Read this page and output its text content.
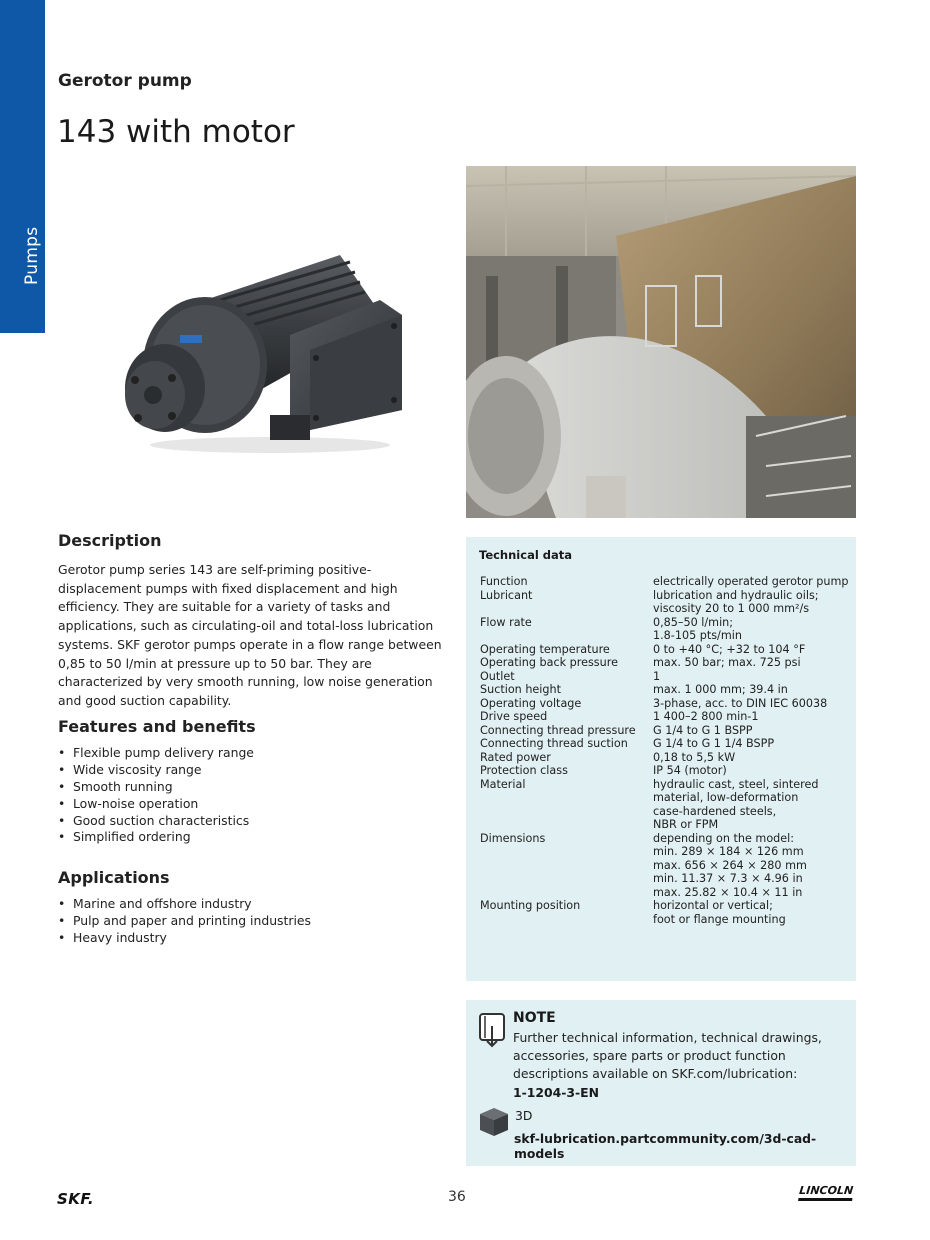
Pumps
Gerotor pump
143 with motor
Description
Gerotor pump series 143 are self-priming positive-displacement pumps with fixed displacement and high efficiency. They are suitable for a variety of tasks and applications, such as circulating-oil and total-loss lubrication systems. SKF gerotor pumps operate in a flow range between 0,85 to 50 l/min at pressure up to 50 bar. They are characterized by very smooth running, low noise generation and good suction capability.
Features and benefits
• Flexible pump delivery range
• Wide viscosity range
• Smooth running
• Low-noise operation
• Good suction characteristics
• Simplified ordering
Applications
• Marine and offshore industry
• Pulp and paper and printing industries
• Heavy industry
Technical data
Function	electrically operated gerotor pump
Lubricant	lubrication and hydraulic oils;
viscosity 20 to 1 000 mm²/s
Flow rate	0,85–50 l/min;
1.8-105 pts/min
Operating temperature	0 to +40 °C; +32 to 104 °F
Operating back pressure	max. 50 bar; max. 725 psi
Outlet	1
Suction height	max. 1 000 mm; 39.4 in
Operating voltage	3-phase, acc. to DIN IEC 60038
Drive speed	1 400–2 800 min-1
Connecting thread pressure	G 1/4 to G 1 BSPP
Connecting thread suction	G 1/4 to G 1 1/4 BSPP
Rated power	0,18 to 5,5 kW
Protection class	IP 54 (motor)
Material	hydraulic cast, steel, sintered
material, low-deformation
case-hardened steels,
NBR or FPM
Dimensions	depending on the model:
min. 289 × 184 × 126 mm
max. 656 × 264 × 280 mm
min. 11.37 × 7.3 × 4.96 in
max. 25.82 × 10.4 × 11 in
Mounting position	horizontal or vertical;
foot or flange mounting
NOTE
Further technical information, technical drawings, accessories, spare parts or product function descriptions available on SKF.com/lubrication:
1-1204-3-EN
3D
skf-lubrication.partcommunity.com/3d-cad-models
SKF.	36	LINCOLN
